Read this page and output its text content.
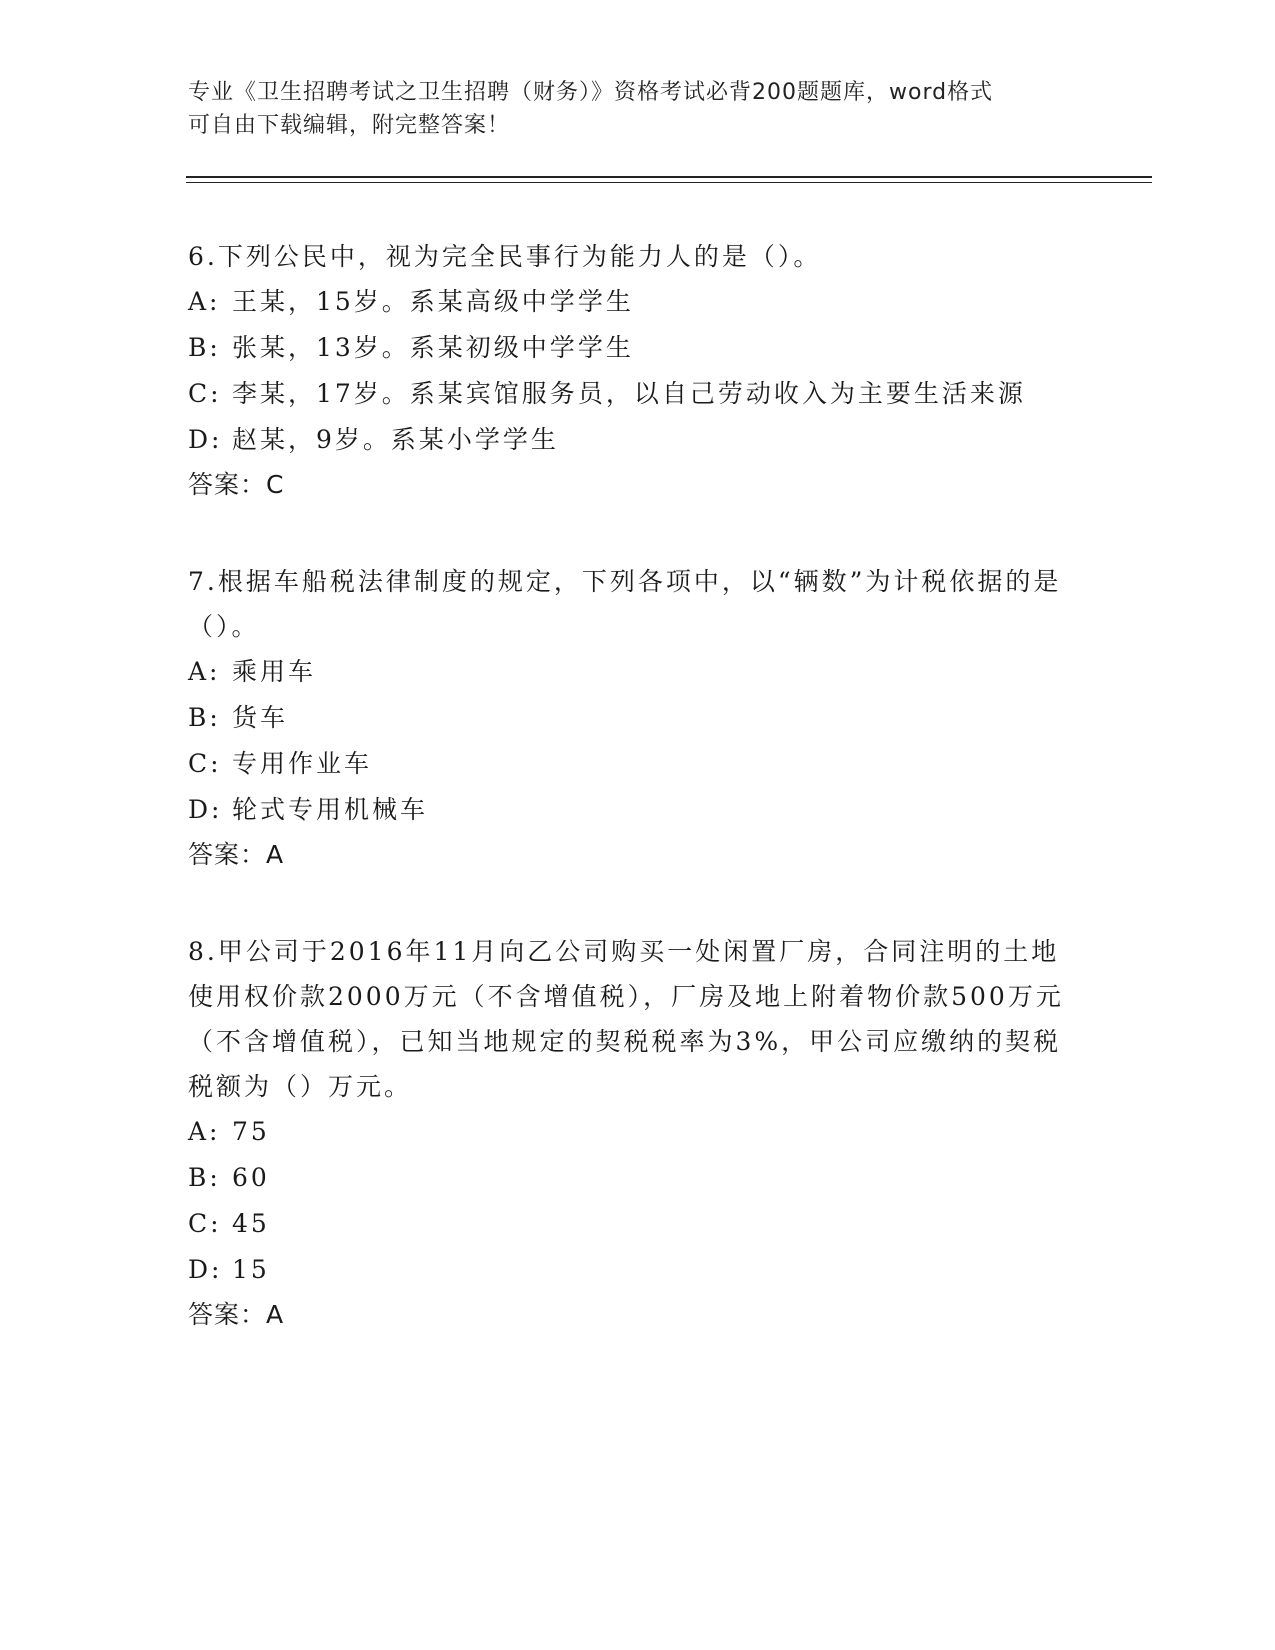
专业《卫生招聘考试之卫生招聘（财务）》资格考试必背200题题库，word格式
可自由下载编辑，附完整答案！

6.下列公民中，视为完全民事行为能力人的是（）。

A: 王某，15岁。系某高级中学学生

B: 张某，13岁。系某初级中学学生

C: 李某，17岁。系某宾馆服务员，以自己劳动收入为主要生活来源

D: 赵某，9岁。系某小学学生

答案：C

7.根据车船税法律制度的规定，下列各项中，以“辆数”为计税依据的是（）。

A: 乘用车

B: 货车

C: 专用作业车

D: 轮式专用机械车

答案：A

8.甲公司于2016年11月向乙公司购买一处闲置厂房，合同注明的土地使用权价款2000万元（不含增值税），厂房及地上附着物价款500万元（不含增值税），已知当地规定的契税税率为3%，甲公司应缴纳的契税税额为（）万元。

A: 75

B: 60

C: 45

D: 15

答案：A
